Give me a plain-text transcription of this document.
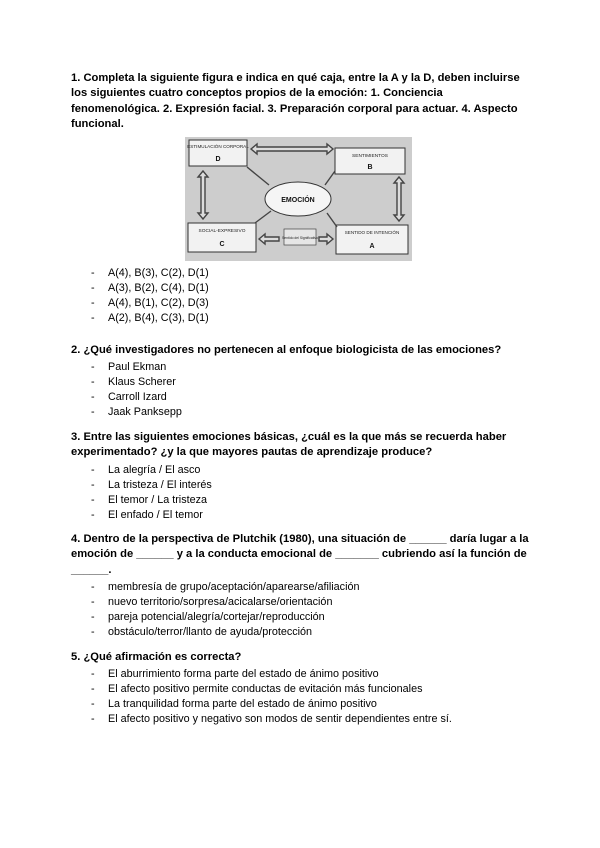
1. Completa la siguiente figura e indica en qué caja, entre la A y la D, deben incluirse los siguientes cuatro conceptos propios de la emoción: 1. Conciencia fenomenológica. 2. Expresión facial. 3. Preparación corporal para actuar. 4. Aspecto funcional.

ESTIMULACIÓN CORPORAL
D	SENTIMIENTOS
B
SOCIAL-EXPRESIVO
C
SENTIDO DE INTENCIÓN
A
EMOCIÓN
Sentido del Significativo
- A(4), B(3), C(2), D(1)
- A(3), B(2), C(4), D(1)
- A(4), B(1), C(2), D(3)
- A(2), B(4), C(3), D(1)

2. ¿Qué investigadores no pertenecen al enfoque biologicista de las emociones?

- Paul Ekman
- Klaus Scherer
- Carroll Izard
- Jaak Panksepp

3. Entre las siguientes emociones básicas, ¿cuál es la que más se recuerda haber experimentado? ¿y la que mayores pautas de aprendizaje produce?

- La alegría / El asco
- La tristeza / El interés
- El temor / La tristeza
- El enfado / El temor

4. Dentro de la perspectiva de Plutchik (1980), una situación de ______ daría lugar a la emoción de ______ y a la conducta emocional de _______ cubriendo así la función de ______.

- membresía de grupo/aceptación/aparearse/afiliación
- nuevo territorio/sorpresa/acicalarse/orientación
- pareja potencial/alegría/cortejar/reproducción
- obstáculo/terror/llanto de ayuda/protección

5. ¿Qué afirmación es correcta?

- El aburrimiento forma parte del estado de ánimo positivo
- El afecto positivo permite conductas de evitación más funcionales
- La tranquilidad forma parte del estado de ánimo positivo
- El afecto positivo y negativo son modos de sentir dependientes entre sí.
